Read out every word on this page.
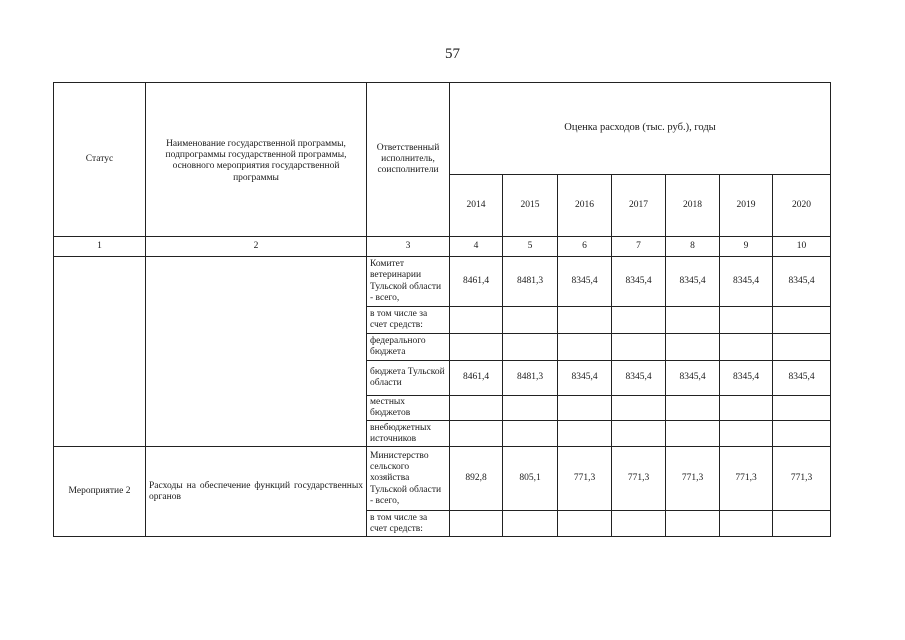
57
Статус	Наименование государственной программы, подпрограммы государственной программы, основного мероприятия государственной программы	Ответственный исполнитель, соисполнители	Оценка расходов (тыс. руб.), годы						
			2014	2015	2016	2017	2018	2019	2020
1	2	3	4	5	6	7	8	9	10
		Комитет ветеринарии Тульской области - всего,	8461,4	8481,3	8345,4	8345,4	8345,4	8345,4	8345,4
		в том числе за счет средств:							
		федерального бюджета							
		бюджета Тульской области	8461,4	8481,3	8345,4	8345,4	8345,4	8345,4	8345,4
		местных бюджетов							
		внебюджетных источников							
Мероприятие 2	Расходы на обеспечение функций государственных органов	Министерство сельского хозяйства Тульской области - всего,	892,8	805,1	771,3	771,3	771,3	771,3	771,3
		в том числе за счет средств:							
